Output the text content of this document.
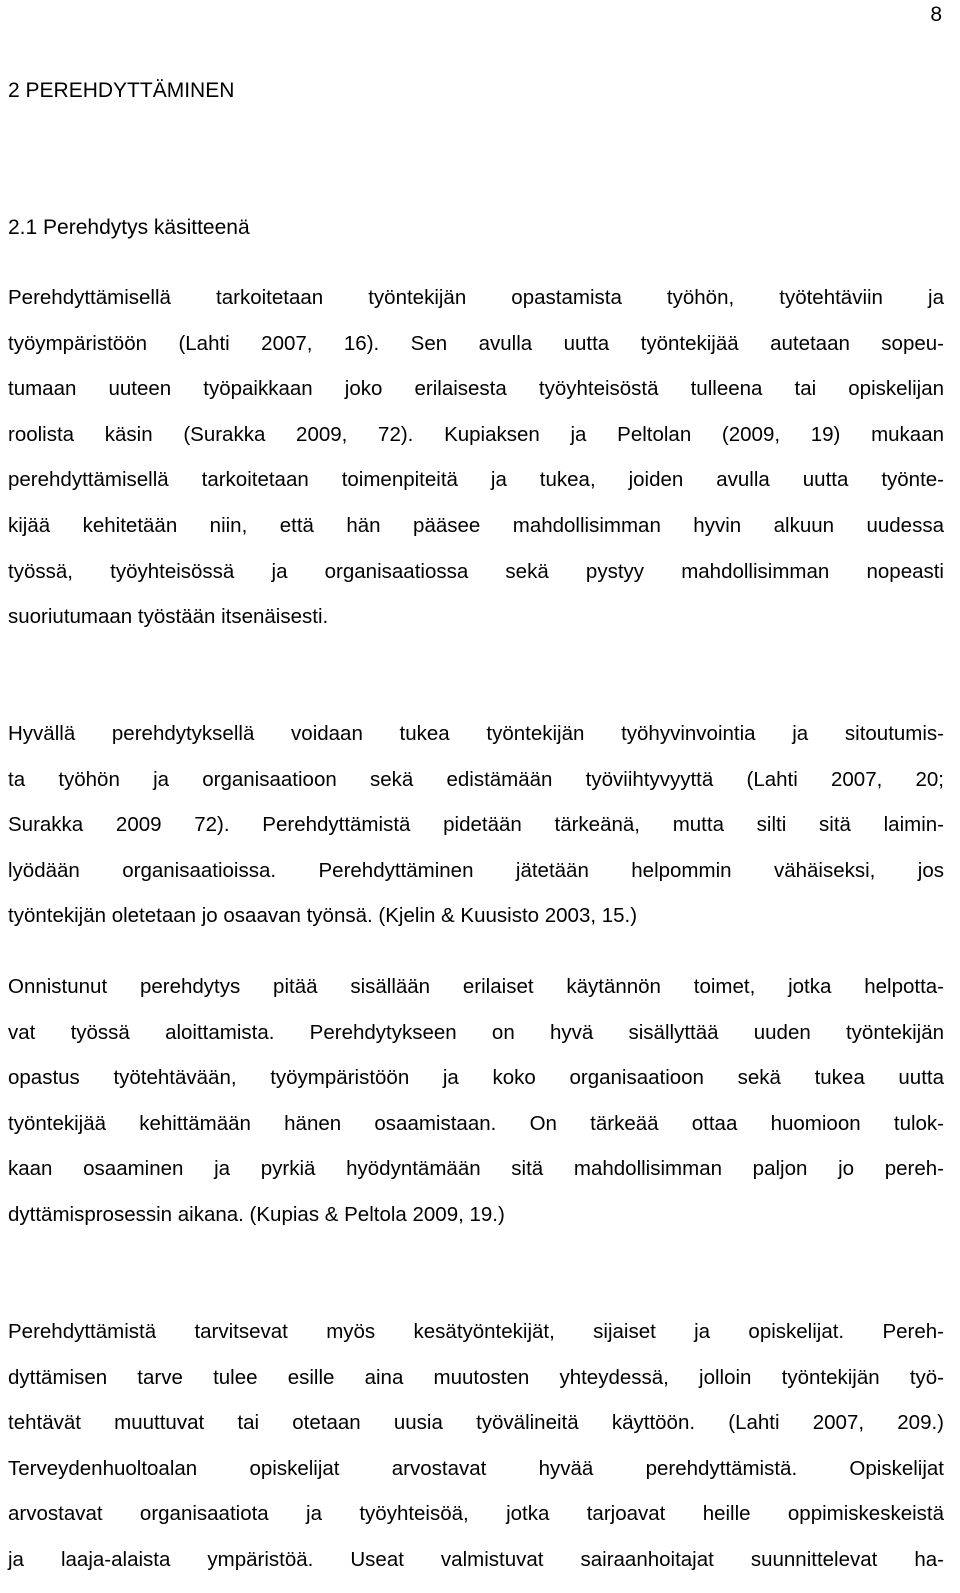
8
2 PEREHDYTTÄMINEN
2.1 Perehdytys käsitteenä
Perehdyttämisellä tarkoitetaan työntekijän opastamista työhön, työtehtäviin ja
työympäristöön (Lahti 2007, 16). Sen avulla uutta työntekijää autetaan sopeu-
tumaan uuteen työpaikkaan joko erilaisesta työyhteisöstä tulleena tai opiskelijan
roolista käsin (Surakka 2009, 72). Kupiaksen ja Peltolan (2009, 19) mukaan
perehdyttämisellä tarkoitetaan toimenpiteitä ja tukea, joiden avulla uutta työnte-
kijää kehitetään niin, että hän pääsee mahdollisimman hyvin alkuun uudessa
työssä, työyhteisössä ja organisaatiossa sekä pystyy mahdollisimman nopeasti
suoriutumaan työstään itsenäisesti.
Hyvällä perehdytyksellä voidaan tukea työntekijän työhyvinvointia ja sitoutumis-
ta työhön ja organisaatioon sekä edistämään työviihtyvyyttä (Lahti 2007, 20;
Surakka 2009 72). Perehdyttämistä pidetään tärkeänä, mutta silti sitä laimin-
lyödään organisaatioissa. Perehdyttäminen jätetään helpommin vähäiseksi, jos
työntekijän oletetaan jo osaavan työnsä. (Kjelin & Kuusisto 2003, 15.)
Onnistunut perehdytys pitää sisällään erilaiset käytännön toimet, jotka helpotta-
vat työssä aloittamista. Perehdytykseen on hyvä sisällyttää uuden työntekijän
opastus työtehtävään, työympäristöön ja koko organisaatioon sekä tukea uutta
työntekijää kehittämään hänen osaamistaan. On tärkeää ottaa huomioon tulok-
kaan osaaminen ja pyrkiä hyödyntämään sitä mahdollisimman paljon jo pereh-
dyttämisprosessin aikana. (Kupias & Peltola 2009, 19.)
Perehdyttämistä tarvitsevat myös kesätyöntekijät, sijaiset ja opiskelijat. Pereh-
dyttämisen tarve tulee esille aina muutosten yhteydessä, jolloin työntekijän työ-
tehtävät muuttuvat tai otetaan uusia työvälineitä käyttöön. (Lahti 2007, 209.)
Terveydenhuoltoalan opiskelijat arvostavat hyvää perehdyttämistä. Opiskelijat
arvostavat organisaatiota ja työyhteisöä, jotka tarjoavat heille oppimiskeskeistä
ja laaja-alaista ympäristöä. Useat valmistuvat sairaanhoitajat suunnittelevat ha-
